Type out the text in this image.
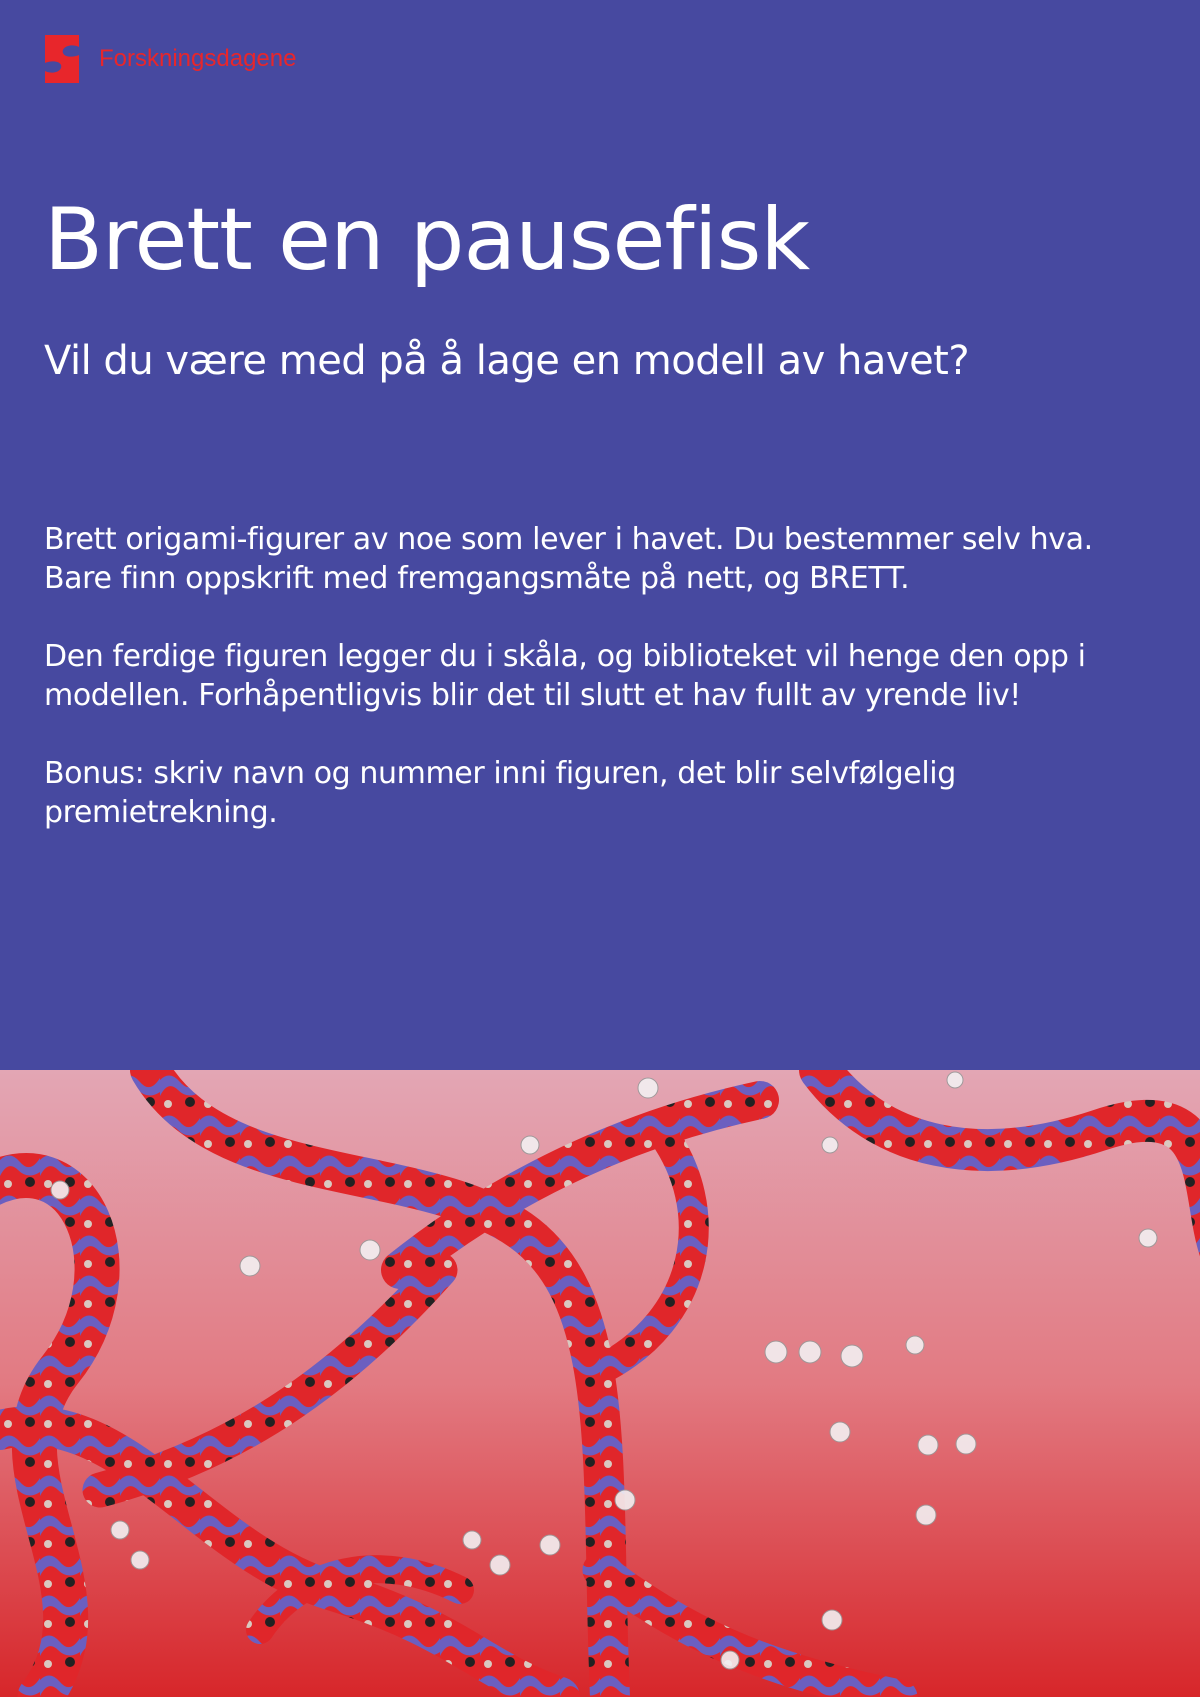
Forskningsdagene
Brett en pausefisk
Vil du være med på å lage en modell av havet?

Brett origami-figurer av noe som lever i havet. Du bestemmer selv hva. Bare finn oppskrift med fremgangsmåte på nett, og BRETT.

Den ferdige figuren legger du i skåla, og biblioteket vil henge den opp i modellen. Forhåpentligvis blir det til slutt et hav fullt av yrende liv!

Bonus: skriv navn og nummer inni figuren, det blir selvfølgelig premietrekning.
